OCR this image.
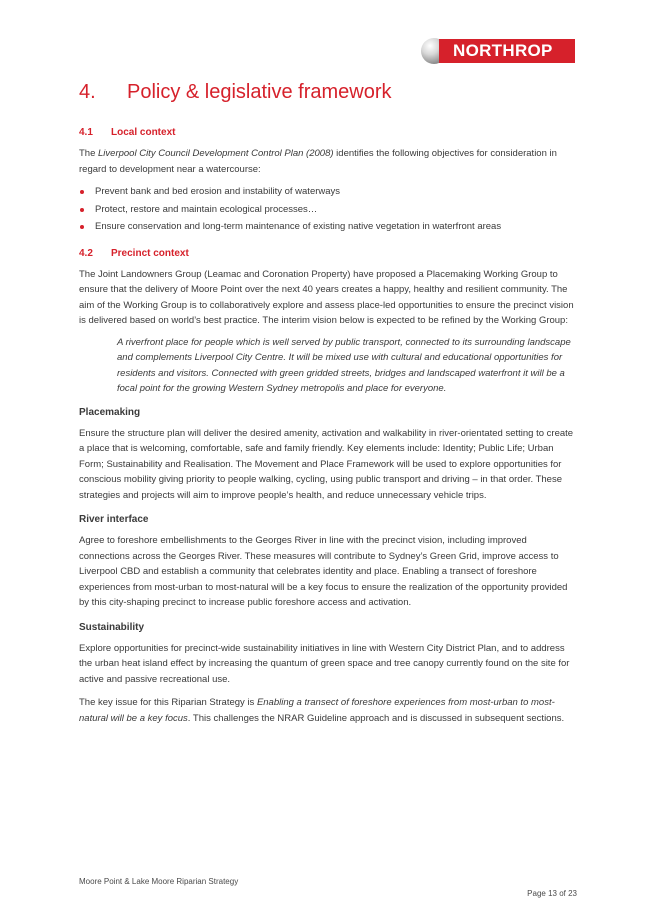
NORTHROP
4. Policy & legislative framework
4.1 Local context

The Liverpool City Council Development Control Plan (2008) identifies the following objectives for consideration in regard to development near a watercourse:

Prevent bank and bed erosion and instability of waterways
Protect, restore and maintain ecological processes…
Ensure conservation and long-term maintenance of existing native vegetation in waterfront areas
4.2 Precinct context

The Joint Landowners Group (Leamac and Coronation Property) have proposed a Placemaking Working Group to ensure that the delivery of Moore Point over the next 40 years creates a happy, healthy and resilient community. The aim of the Working Group is to collaboratively explore and assess place-led opportunities to ensure the precinct vision is delivered based on world’s best practice. The interim vision below is expected to be refined by the Working Group:

A riverfront place for people which is well served by public transport, connected to its surrounding landscape and complements Liverpool City Centre. It will be mixed use with cultural and educational opportunities for residents and visitors. Connected with green gridded streets, bridges and landscaped waterfront it will be a focal point for the growing Western Sydney metropolis and place for everyone.
Placemaking

Ensure the structure plan will deliver the desired amenity, activation and walkability in river-orientated setting to create a place that is welcoming, comfortable, safe and family friendly. Key elements include: Identity; Public Life; Urban Form; Sustainability and Realisation. The Movement and Place Framework will be used to explore opportunities for conscious mobility giving priority to people walking, cycling, using public transport and driving – in that order. These strategies and projects will aim to improve people’s health, and reduce unnecessary vehicle trips.

River interface

Agree to foreshore embellishments to the Georges River in line with the precinct vision, including improved connections across the Georges River. These measures will contribute to Sydney’s Green Grid, improve access to Liverpool CBD and establish a community that celebrates identity and place. Enabling a transect of foreshore experiences from most-urban to most-natural will be a key focus to ensure the realization of the opportunity provided by this city-shaping precinct to increase public foreshore access and activation.

Sustainability

Explore opportunities for precinct-wide sustainability initiatives in line with Western City District Plan, and to address the urban heat island effect by increasing the quantum of green space and tree canopy currently found on the site for active and passive recreational use.

The key issue for this Riparian Strategy is Enabling a transect of foreshore experiences from most-urban to most-natural will be a key focus. This challenges the NRAR Guideline approach and is discussed in subsequent sections.

Moore Point & Lake Moore Riparian Strategy
Page 13 of 23
